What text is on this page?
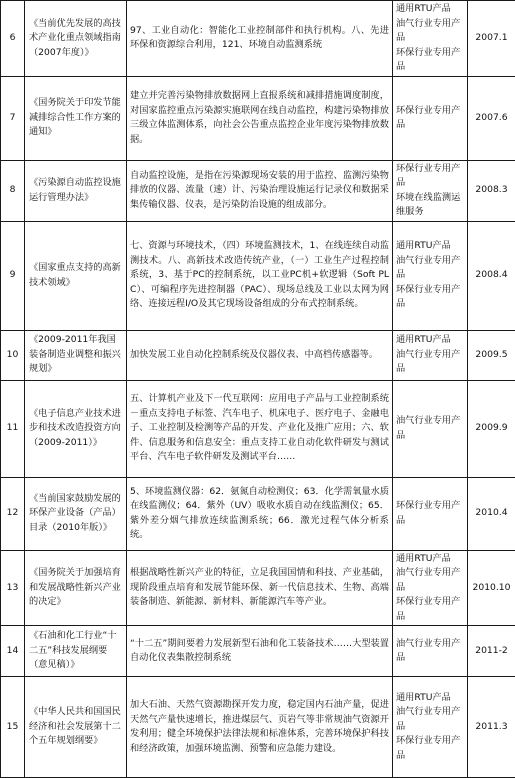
6	《当前优先发展的高技术产业化重点领域指南（2007年度）》	97、工业自动化：智能化工业控制部件和执行机构。八、先进环保和资源综合利用，121、环境自动监测系统	通用RTU产品
油气行业专用产品
环保行业专用产品	2007.1
7	《国务院关于印发节能减排综合性工作方案的通知》	建立并完善污染物排放数据网上直报系统和减排措施调度制度，对国家监控重点污染源实施联网在线自动监控，构建污染物排放三级立体监测体系，向社会公告重点监控企业年度污染物排放数据。	环保行业专用产品	2007.6
8	《污染源自动监控设施运行管理办法》	自动监控设施，是指在污染源现场安装的用于监控、监测污染物排放的仪器、流量（速）计、污染治理设施运行记录仪和数据采集传输仪器、仪表，是污染防治设施的组成部分。	环保行业专用产品
环境在线监测运维服务	2008.3
9	《国家重点支持的高新技术领域》	七、资源与环境技术，（四）环境监测技术，1、在线连续自动监测技术。八、高新技术改造传统产业，（一）工业生产过程控制系统，3、基于PC的控制系统，以工业PC机+软逻辑（Soft PLC）、可编程序先进控制器（PAC）、现场总线及工业以太网为网络、连接远程I/O及其它现场设备组成的分布式控制系统。	通用RTU产品
油气行业专用产品
环保行业专用产品	2008.4
10	《2009-2011年我国装备制造业调整和振兴规划》	加快发展工业自动化控制系统及仪器仪表、中高档传感器等。	通用RTU产品
油气行业专用产品	2009.5
11	《电子信息产业技术进步和技术改造投资方向（2009-2011）》	五、计算机产业及下一代互联网：应用电子产品与工业控制系统－重点支持电子标签、汽车电子、机床电子、医疗电子、金融电子、工业控制及检测等产品的开发、产业化及推广应用；六、软件、信息服务和信息安全：重点支持工业自动化软件研发与测试平台、汽车电子软件研发及测试平台……	油气行业专用产品	2009.9
12	《当前国家鼓励发展的环保产业设备（产品）目录（2010年版）》	5、环境监测仪器：62．氨氮自动检测仪；63．化学需氧量水质在线监测仪；64．紫外（UV）吸收水质自动在线监测仪；65．紫外差分烟气排放连续监测系统；66．激光过程气体分析系统。	环保行业专用产品	2010.4
13	《国务院关于加强培育和发展战略性新兴产业的决定》	根据战略性新兴产业的特征，立足我国国情和科技、产业基础，现阶段重点培育和发展节能环保、新一代信息技术、生物、高端装备制造、新能源、新材料、新能源汽车等产业。	通用RTU产品
油气行业专用产品
环保行业专用产品	2010.10
14	《石油和化工行业“十二五”科技发展纲要（意见稿）》	“十二五”期间要着力发展新型石油和化工装备技术……大型装置自动化仪表集散控制系统	油气行业专用产品	2011-2
15	《中华人民共和国国民经济和社会发展第十二个五年规划纲要》	加大石油、天然气资源勘探开发力度，稳定国内石油产量，促进天然气产量快速增长，推进煤层气、页岩气等非常规油气资源开发利用；健全环境保护法律法规和标准体系，完善环境保护科技和经济政策，加强环境监测、预警和应急能力建设。	通用RTU产品
油气行业专用产品
环保行业专用产品	2011.3
